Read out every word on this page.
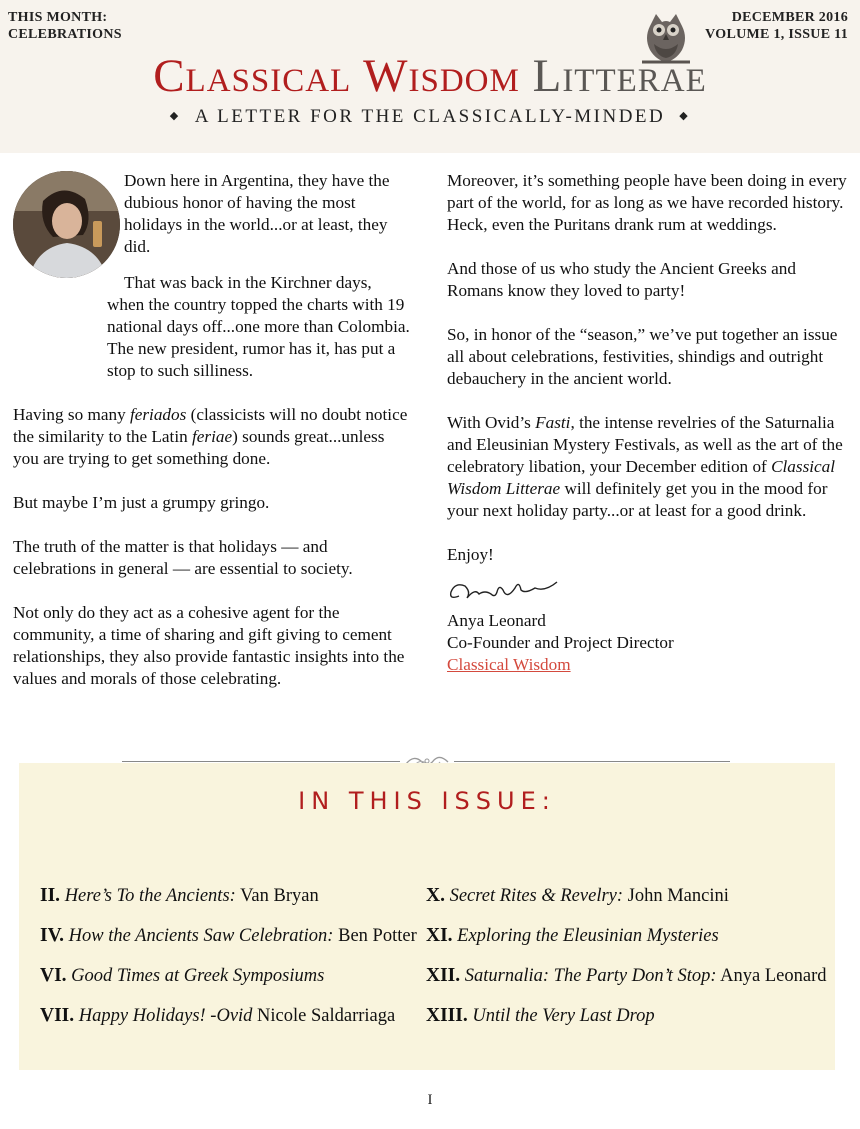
THIS MONTH:
CELEBRATIONS
DECEMBER 2016
VOLUME 1, ISSUE 11
Classical Wisdom Litterae
◆ A LETTER FOR THE CLASSICALLY-MINDED ◆

Down here in Argentina, they have the dubious honor of having the most holidays in the world...or at least, they did.
That was back in the Kirchner days, when the country topped the charts with 19 national days off...one more than Colombia. The new president, rumor has it, has put a stop to such silliness.

Having so many feriados (classicists will no doubt notice the similarity to the Latin feriae) sounds great...unless you are trying to get something done.

But maybe I’m just a grumpy gringo.

The truth of the matter is that holidays — and celebrations in general — are essential to society.

Not only do they act as a cohesive agent for the community, a time of sharing and gift giving to cement relationships, they also provide fantastic insights into the values and morals of those celebrating.

Moreover, it’s something people have been doing in every part of the world, for as long as we have recorded history. Heck, even the Puritans drank rum at weddings.

And those of us who study the Ancient Greeks and Romans know they loved to party!

So, in honor of the “season,” we’ve put together an issue all about celebrations, festivities, shindigs and outright debauchery in the ancient world.

With Ovid’s Fasti, the intense revelries of the Saturnalia and Eleusinian Mystery Festivals, as well as the art of the celebratory libation, your December edition of Classical Wisdom Litterae will definitely get you in the mood for your next holiday party...or at least for a good drink.

Enjoy!

Anya Leonard
Co-Founder and Project Director
Classical Wisdom
IN THIS ISSUE:
II. Here’s To the Ancients: Van Bryan
IV. How the Ancients Saw Celebration: Ben Potter
VI. Good Times at Greek Symposiums
VII. Happy Holidays! -Ovid Nicole Saldarriaga
X. Secret Rites & Revelry: John Mancini
XI. Exploring the Eleusinian Mysteries
XII. Saturnalia: The Party Don’t Stop: Anya Leonard
XIII. Until the Very Last Drop
I
